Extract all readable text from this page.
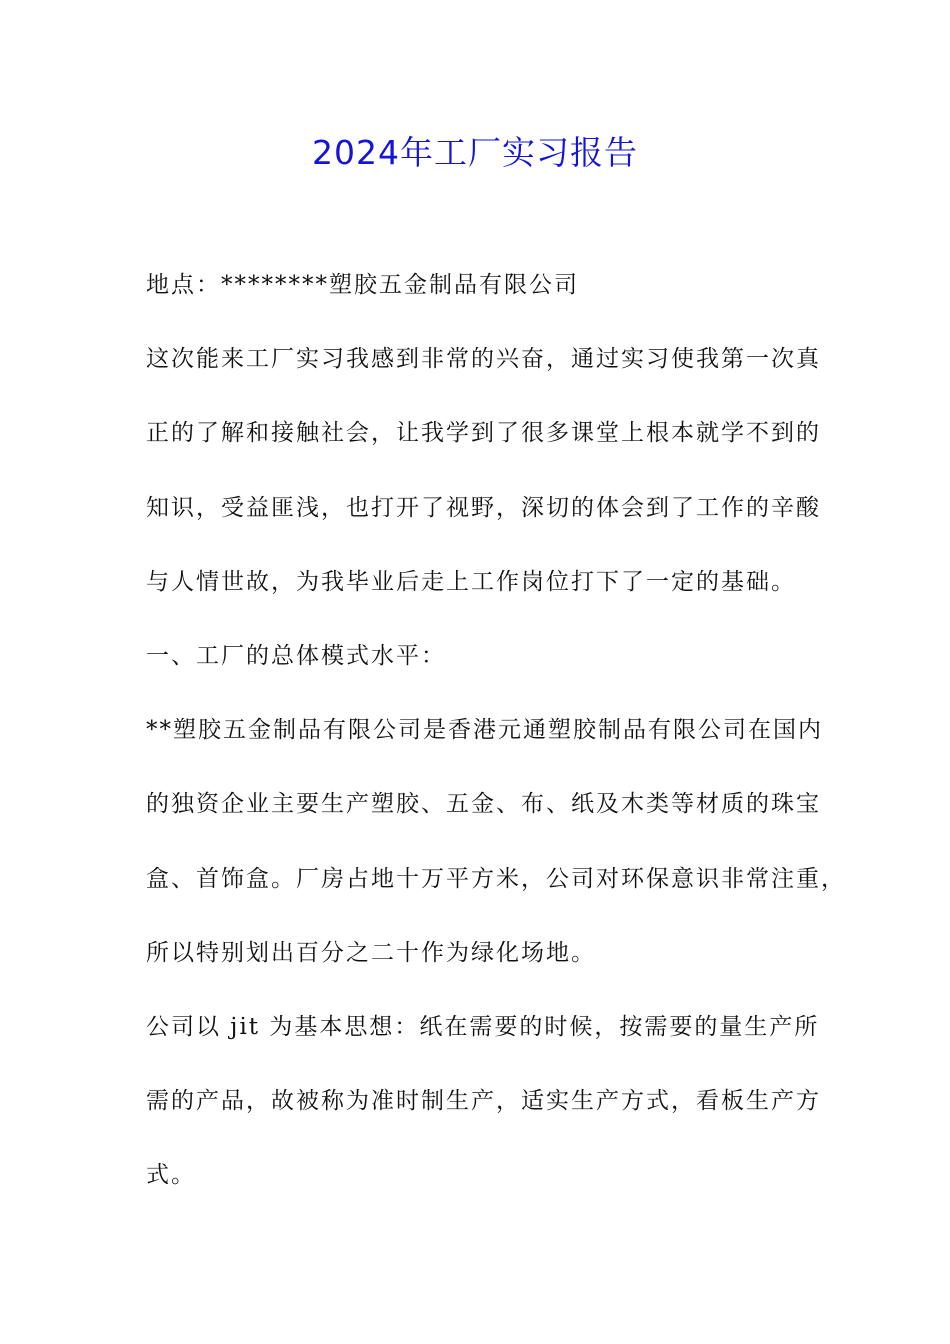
2024年工厂实习报告

地点：********塑胶五金制品有限公司

这次能来工厂实习我感到非常的兴奋，通过实习使我第一次真

正的了解和接触社会，让我学到了很多课堂上根本就学不到的

知识，受益匪浅，也打开了视野，深切的体会到了工作的辛酸

与人情世故，为我毕业后走上工作岗位打下了一定的基础。

一、工厂的总体模式水平：

**塑胶五金制品有限公司是香港元通塑胶制品有限公司在国内

的独资企业主要生产塑胶、五金、布、纸及木类等材质的珠宝

盒、首饰盒。厂房占地十万平方米，公司对环保意识非常注重，

所以特别划出百分之二十作为绿化场地。

公司以 jit 为基本思想：纸在需要的时候，按需要的量生产所

需的产品，故被称为准时制生产，适实生产方式，看板生产方

式。
